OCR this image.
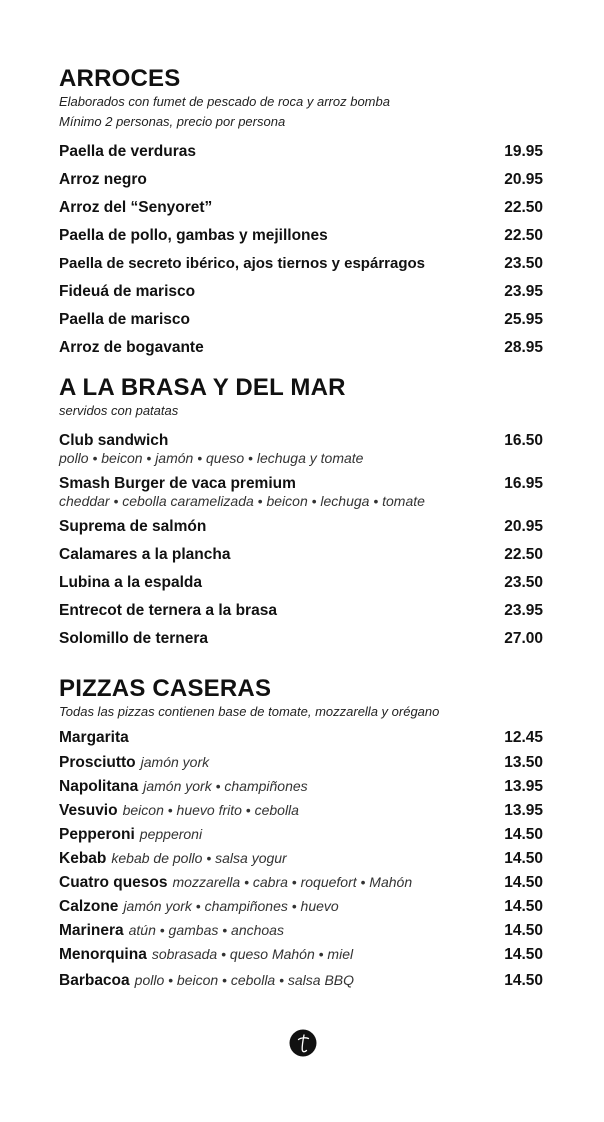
ARROCES
Elaborados con fumet de pescado de roca y arroz bomba
Mínimo 2 personas, precio por persona
Paella de verduras	19.95
Arroz negro	20.95
Arroz del “Senyoret”	22.50
Paella de pollo, gambas y mejillones	22.50
Paella de secreto ibérico, ajos tiernos y espárragos	23.50
Fideuá de marisco	23.95
Paella de marisco	25.95
Arroz de bogavante	28.95
A LA BRASA Y DEL MAR
servidos con patatas
Club sandwich	16.50
pollo • beicon • jamón • queso • lechuga y tomate
Smash Burger de vaca premium	16.95
cheddar • cebolla caramelizada • beicon • lechuga • tomate
Suprema de salmón	20.95
Calamares a la plancha	22.50
Lubina a la espalda	23.50
Entrecot de ternera a la brasa	23.95
Solomillo de ternera	27.00
PIZZAS CASERAS
Todas las pizzas contienen base de tomate, mozzarella y orégano
Margarita	12.45
Prosciutto jamón york	13.50
Napolitana jamón york • champiñones	13.95
Vesuvio beicon • huevo frito • cebolla	13.95
Pepperoni pepperoni	14.50
Kebab kebab de pollo • salsa yogur	14.50
Cuatro quesos mozzarella • cabra • roquefort • Mahón	14.50
Calzone jamón york • champiñones • huevo	14.50
Marinera atún • gambas • anchoas	14.50
Menorquina sobrasada • queso Mahón • miel	14.50
Barbacoa pollo • beicon • cebolla • salsa BBQ	14.50
